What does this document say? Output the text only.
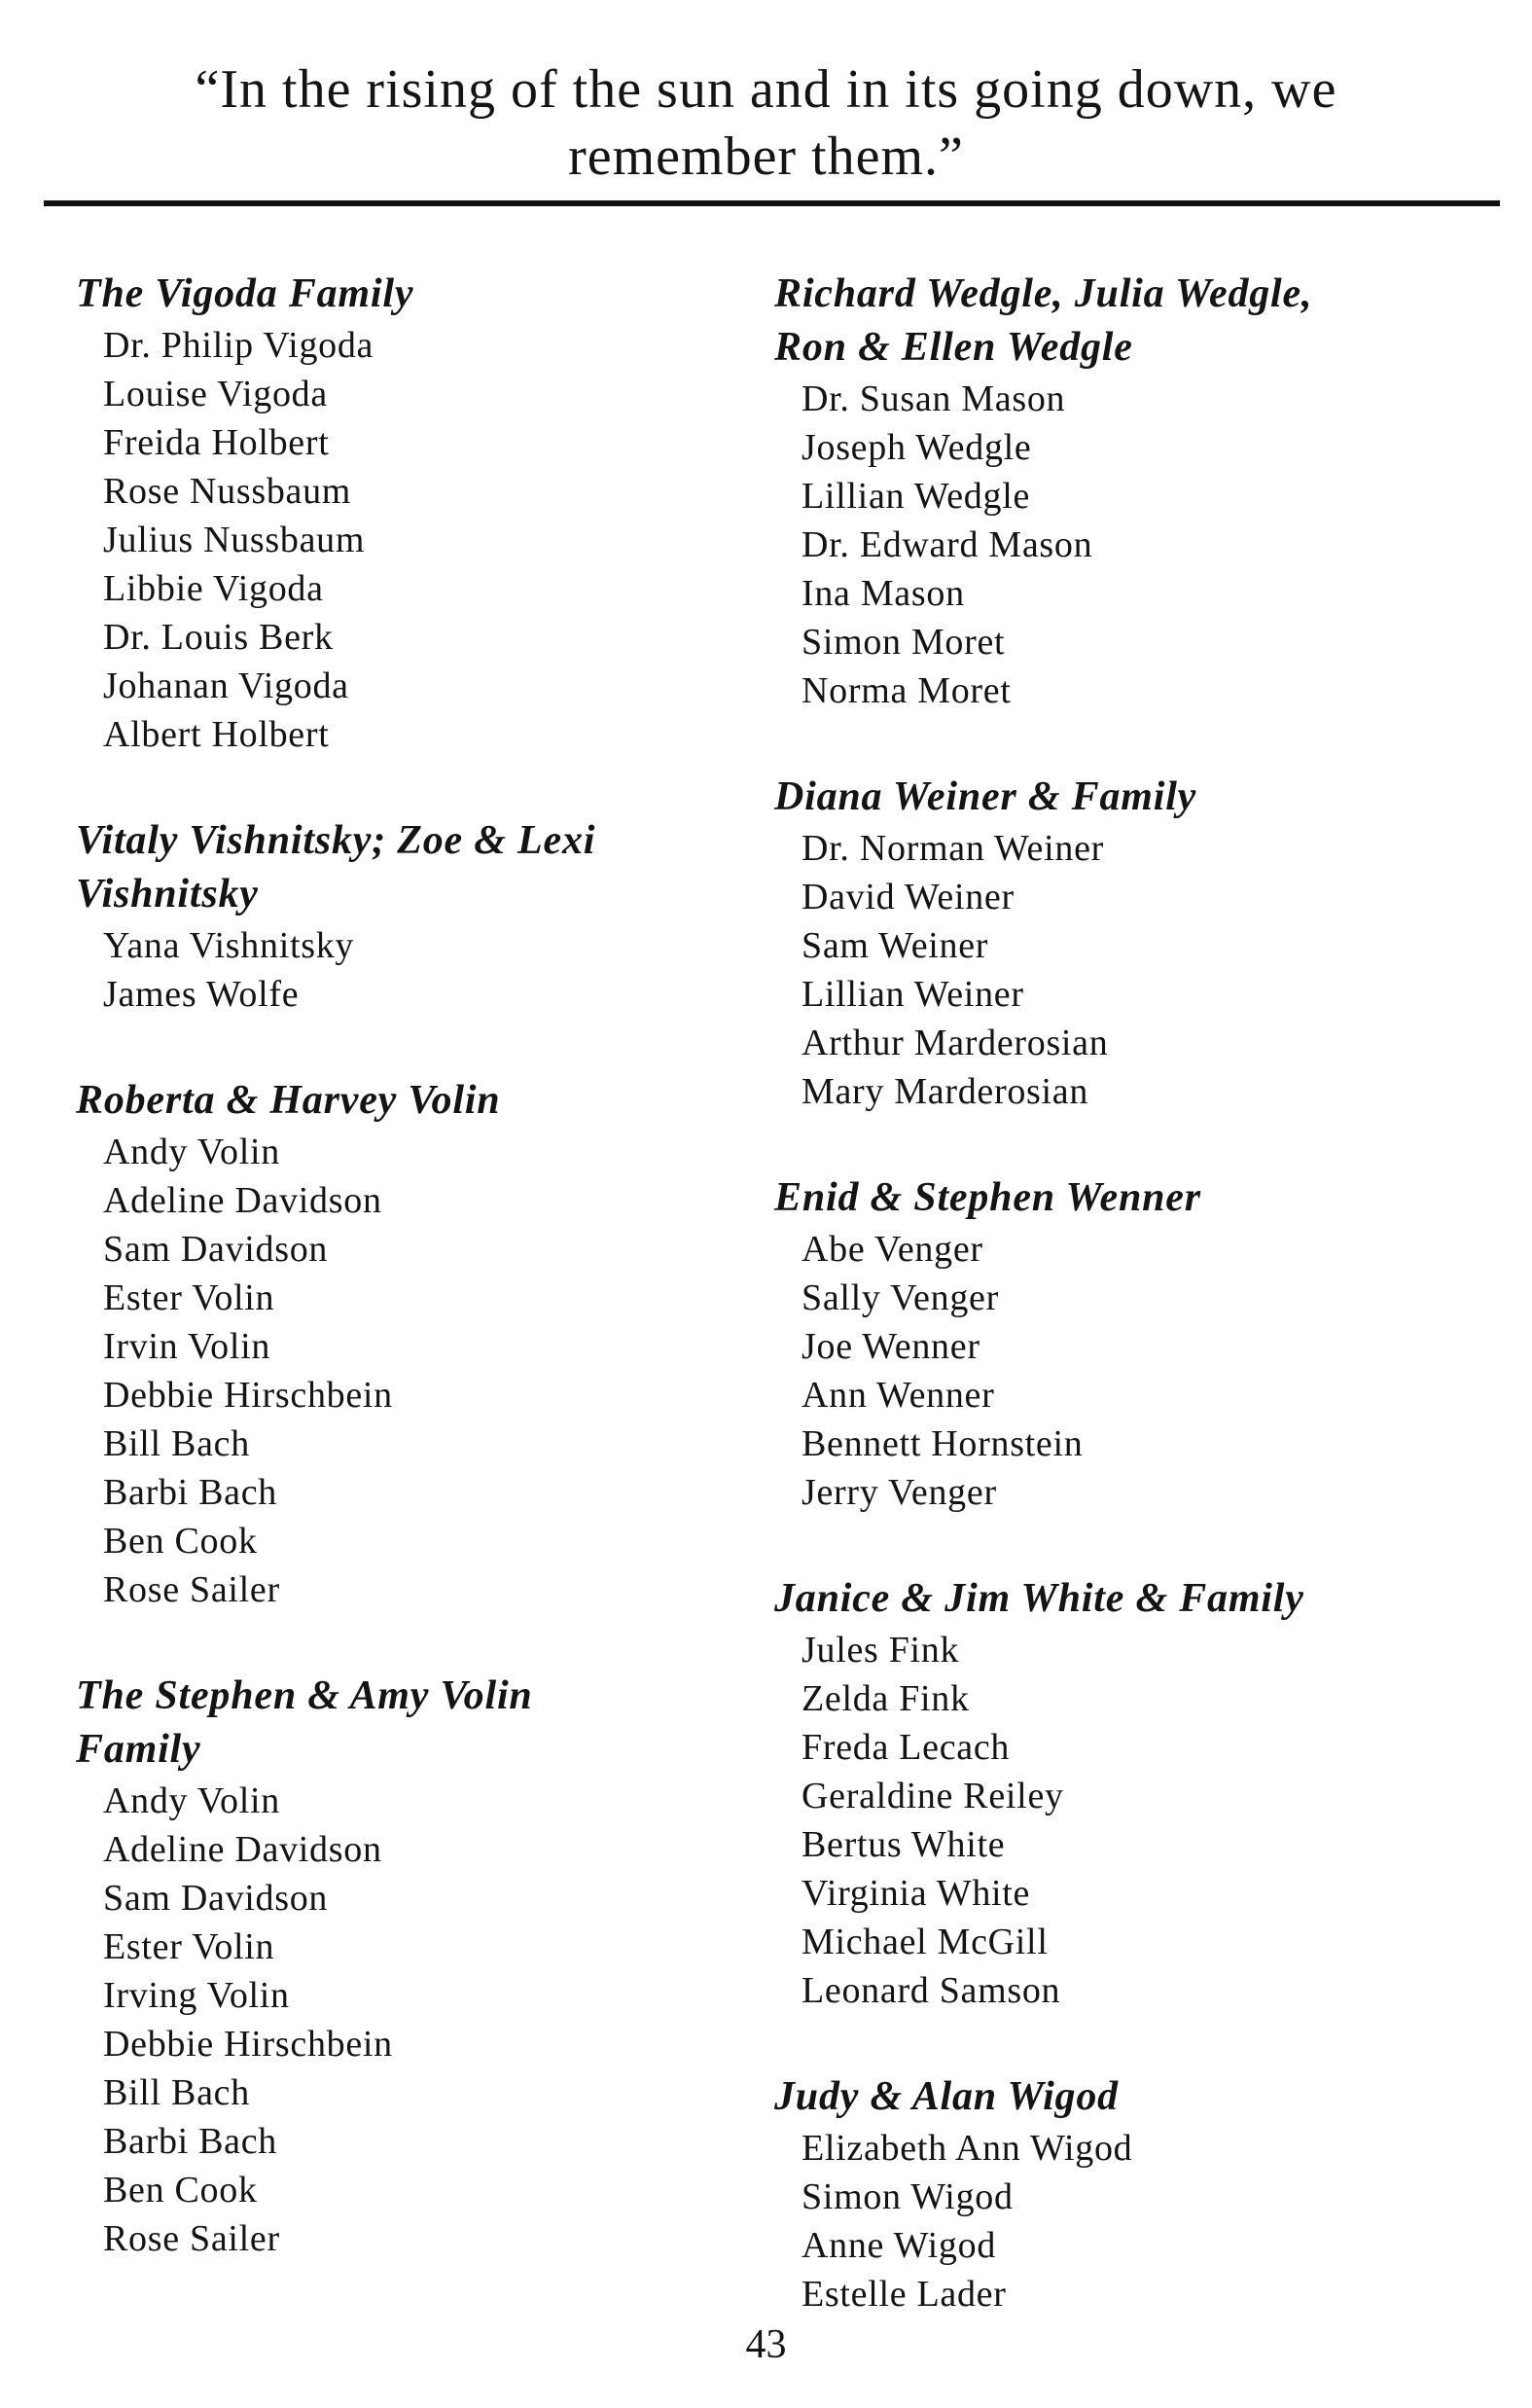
“In the rising of the sun and in its going down, we
remember them.”
The Vigoda Family
Dr. Philip Vigoda
Louise Vigoda
Freida Holbert
Rose Nussbaum
Julius Nussbaum
Libbie Vigoda
Dr. Louis Berk
Johanan Vigoda
Albert Holbert
Vitaly Vishnitsky; Zoe & Lexi
Vishnitsky
Yana Vishnitsky
James Wolfe
Roberta & Harvey Volin
Andy Volin
Adeline Davidson
Sam Davidson
Ester Volin
Irvin Volin
Debbie Hirschbein
Bill Bach
Barbi Bach
Ben Cook
Rose Sailer
The Stephen & Amy Volin
Family
Andy Volin
Adeline Davidson
Sam Davidson
Ester Volin
Irving Volin
Debbie Hirschbein
Bill Bach
Barbi Bach
Ben Cook
Rose Sailer
Richard Wedgle, Julia Wedgle,
Ron & Ellen Wedgle
Dr. Susan Mason
Joseph Wedgle
Lillian Wedgle
Dr. Edward Mason
Ina Mason
Simon Moret
Norma Moret
Diana Weiner & Family
Dr. Norman Weiner
David Weiner
Sam Weiner
Lillian Weiner
Arthur Marderosian
Mary Marderosian
Enid & Stephen Wenner
Abe Venger
Sally Venger
Joe Wenner
Ann Wenner
Bennett Hornstein
Jerry Venger
Janice & Jim White & Family
Jules Fink
Zelda Fink
Freda Lecach
Geraldine Reiley
Bertus White
Virginia White
Michael McGill
Leonard Samson
Judy & Alan Wigod
Elizabeth Ann Wigod
Simon Wigod
Anne Wigod
Estelle Lader
43
